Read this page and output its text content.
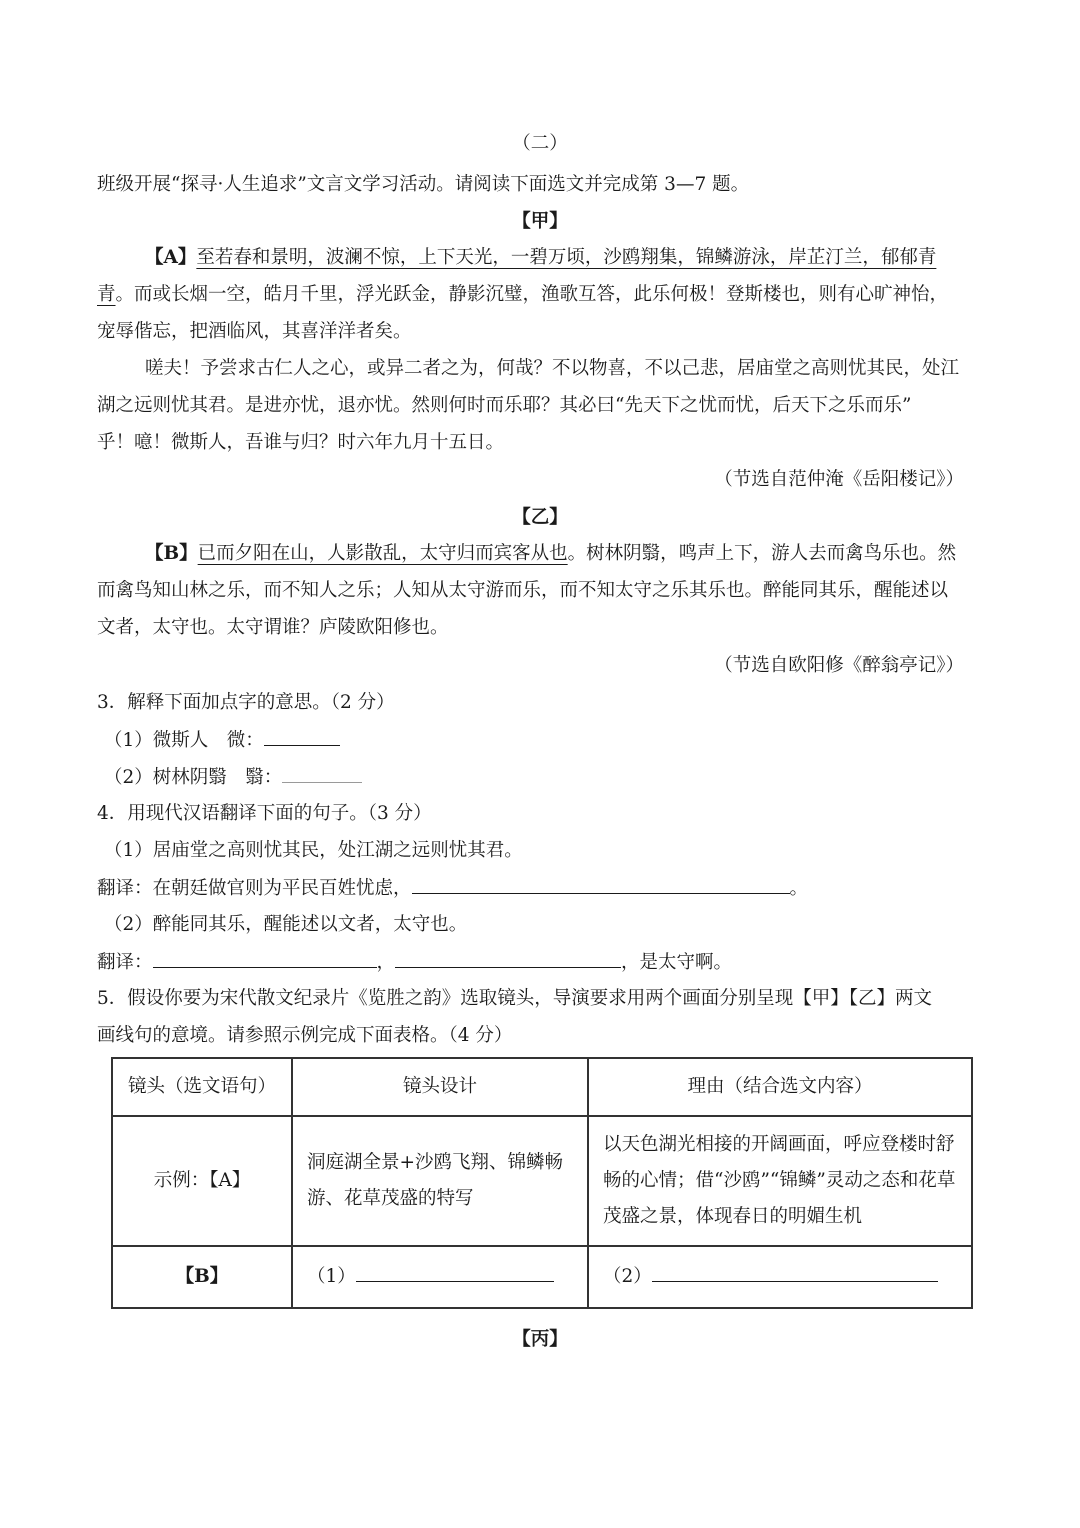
（二）
班级开展“探寻·人生追求”文言文学习活动。请阅读下面选文并完成第 3—7 题。
【甲】
【A】至若春和景明，波澜不惊，上下天光，一碧万顷，沙鸥翔集，锦鳞游泳，岸芷汀兰，郁郁青
青。而或长烟一空，皓月千里，浮光跃金，静影沉璧，渔歌互答，此乐何极！登斯楼也，则有心旷神怡，
宠辱偕忘，把酒临风，其喜洋洋者矣。
嗟夫！予尝求古仁人之心，或异二者之为，何哉？不以物喜，不以己悲，居庙堂之高则忧其民，处江
湖之远则忧其君。是进亦忧，退亦忧。然则何时而乐耶？其必曰“先天下之忧而忧，后天下之乐而乐”
乎！噫！微斯人，吾谁与归？时六年九月十五日。
（节选自范仲淹《岳阳楼记》）
【乙】
【B】已而夕阳在山，人影散乱，太守归而宾客从也。树林阴翳，鸣声上下，游人去而禽鸟乐也。然
而禽鸟知山林之乐，而不知人之乐；人知从太守游而乐，而不知太守之乐其乐也。醉能同其乐，醒能述以
文者，太守也。太守谓谁？庐陵欧阳修也。
（节选自欧阳修《醉翁亭记》）
3．解释下面加点字的意思。（2 分）
（1）微斯人　微：
（2）树林阴翳　翳：
4．用现代汉语翻译下面的句子。（3 分）
（1）居庙堂之高则忧其民，处江湖之远则忧其君。
翻译：在朝廷做官则为平民百姓忧虑，	。
（2）醉能同其乐，醒能述以文者，太守也。
翻译：	，	，是太守啊。
5．假设你要为宋代散文纪录片《览胜之韵》选取镜头，导演要求用两个画面分别呈现【甲】【乙】两文
画线句的意境。请参照示例完成下面表格。（4 分）
镜头（选文语句）	镜头设计	理由（结合选文内容）
示例：【A】	洞庭湖全景+沙鸥飞翔、锦鳞畅游、花草茂盛的特写	以天色湖光相接的开阔画面，呼应登楼时舒畅的心情；借“沙鸥”“锦鳞”灵动之态和花草茂盛之景，体现春日的明媚生机
【B】	（1）	（2）
【丙】
